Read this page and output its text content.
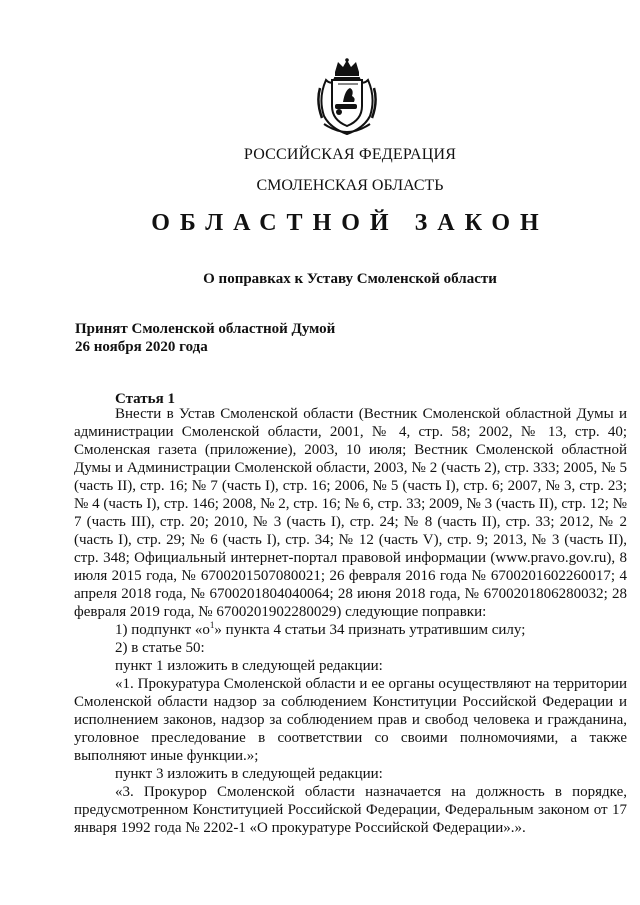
РОССИЙСКАЯ ФЕДЕРАЦИЯ
СМОЛЕНСКАЯ ОБЛАСТЬ
ОБЛАСТНОЙ ЗАКОН
О поправках к Уставу Смоленской области
Принят Смоленской областной Думой
26 ноября 2020 года
Статья 1

Внести в Устав Смоленской области (Вестник Смоленской областной Думы и администрации Смоленской области, 2001, № 4, стр. 58; 2002, № 13, стр. 40; Смоленская газета (приложение), 2003, 10 июля; Вестник Смоленской областной Думы и Администрации Смоленской области, 2003, № 2 (часть 2), стр. 333; 2005, № 5 (часть II), стр. 16; № 7 (часть I), стр. 16; 2006, № 5 (часть I), стр. 6; 2007, № 3, стр. 23; № 4 (часть I), стр. 146; 2008, № 2, стр. 16; № 6, стр. 33; 2009, № 3 (часть II), стр. 12; № 7 (часть III), стр. 20; 2010, № 3 (часть I), стр. 24; № 8 (часть II), стр. 33; 2012, № 2 (часть I), стр. 29; № 6 (часть I), стр. 34; № 12 (часть V), стр. 9; 2013, № 3 (часть II), стр. 348; Официальный интернет-портал правовой информации (www.pravo.gov.ru), 8 июля 2015 года, № 6700201507080021; 26 февраля 2016 года № 6700201602260017; 4 апреля 2018 года, № 6700201804040064; 28 июня 2018 года, № 6700201806280032; 28 февраля 2019 года, № 6700201902280029) следующие поправки:

1) подпункт «$о^1$» пункта 4 статьи 34 признать утратившим силу;

2) в статье 50:

пункт 1 изложить в следующей редакции:

«1. Прокуратура Смоленской области и ее органы осуществляют на территории Смоленской области надзор за соблюдением Конституции Российской Федерации и исполнением законов, надзор за соблюдением прав и свобод человека и гражданина, уголовное преследование в соответствии со своими полномочиями, а также выполняют иные функции.»;

пункт 3 изложить в следующей редакции:

«3. Прокурор Смоленской области назначается на должность в порядке, предусмотренном Конституцией Российской Федерации, Федеральным законом от 17 января 1992 года № 2202-1 «О прокуратуре Российской Федерации».».
